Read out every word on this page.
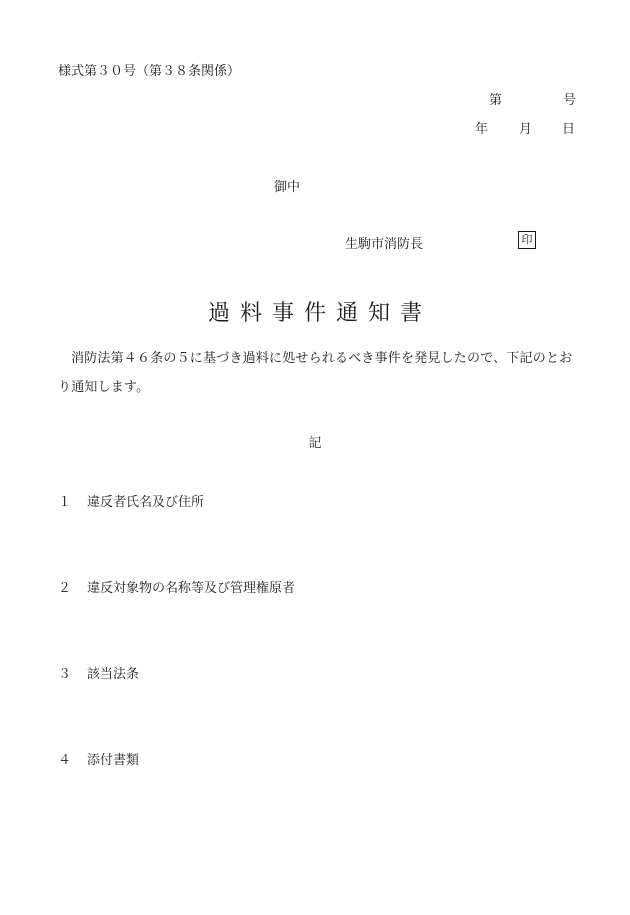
様式第３０号（第３８条関係）
第	号
年 月 日
御中
生駒市消防長	印
過料事件通知書
消防法第４６条の５に基づき過料に処せられるべき事件を発見したので、下記のとおり通知します。
記
１ 違反者氏名及び住所
２ 違反対象物の名称等及び管理権原者
３ 該当法条
４ 添付書類
